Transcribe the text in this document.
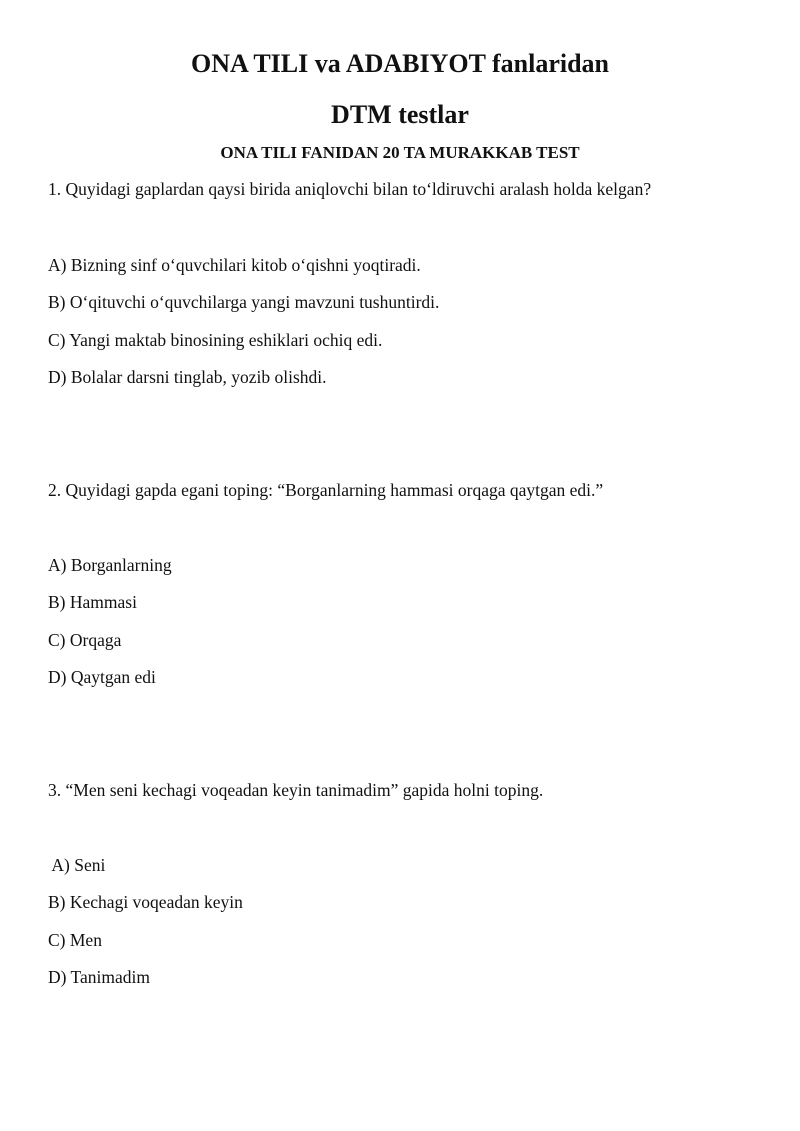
ONA TILI va ADABIYOT fanlaridan
DTM testlar
ONA TILI FANIDAN 20 TA MURAKKAB TEST
1. Quyidagi gaplardan qaysi birida aniqlovchi bilan to‘ldiruvchi aralash holda kelgan?
A) Bizning sinf o‘quvchilari kitob o‘qishni yoqtiradi.
B) O‘qituvchi o‘quvchilarga yangi mavzuni tushuntirdi.
C) Yangi maktab binosining eshiklari ochiq edi.
D) Bolalar darsni tinglab, yozib olishdi.
2. Quyidagi gapda egani toping: “Borganlarning hammasi orqaga qaytgan edi.”
A) Borganlarning
B) Hammasi
C) Orqaga
D) Qaytgan edi
3. “Men seni kechagi voqeadan keyin tanimadim” gapida holni toping.
A) Seni
B) Kechagi voqeadan keyin
C) Men
D) Tanimadim
